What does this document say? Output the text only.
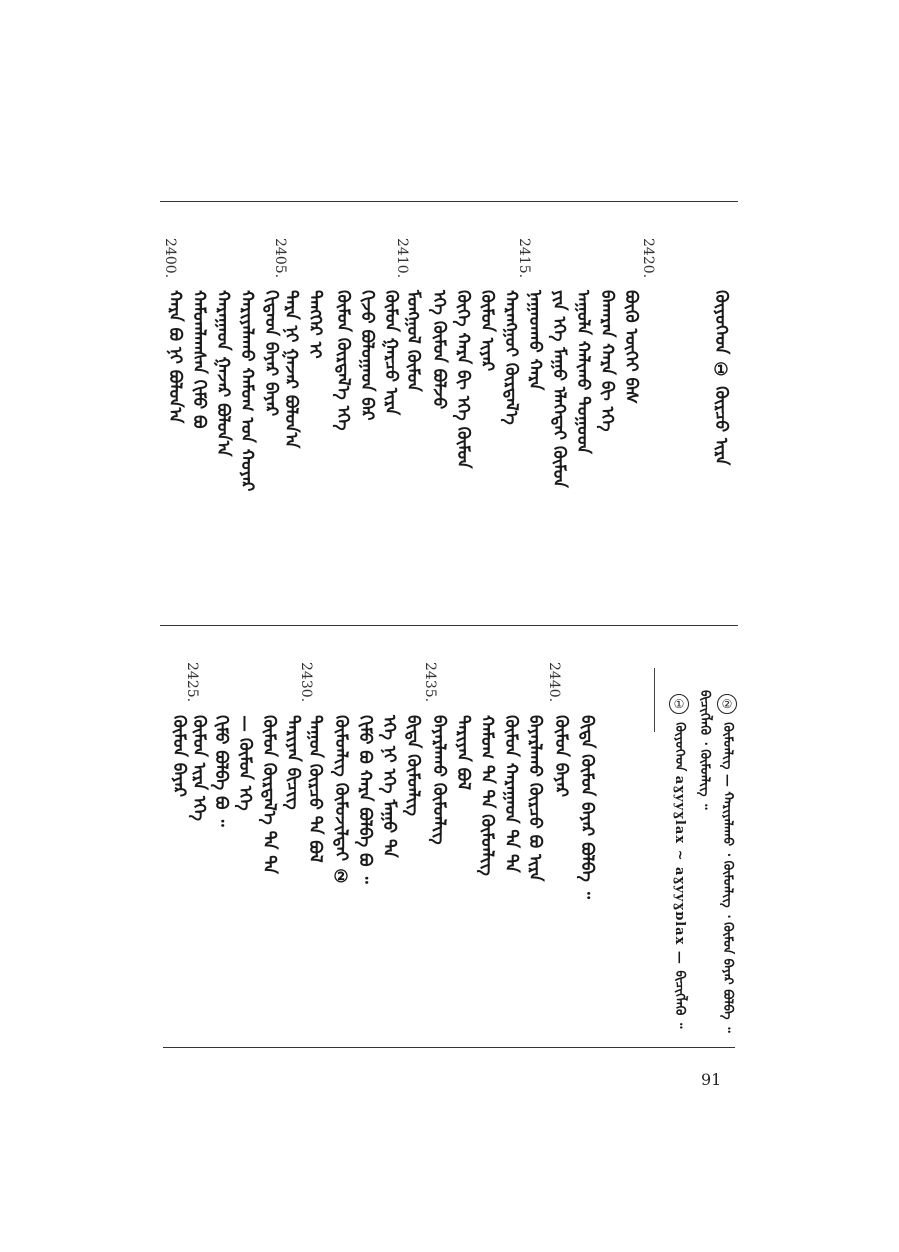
2400.	2405.	2410.	2415.	2420.
ᠬᠠᠷᠠ ᠪᠣ ᠨᠢ ᠪᠣᠯᠣᠨ᠎ᠠ ᠬᠠᠮᠤᠭᠯᠠᠭᠰᠠᠨ ᠬᠢᠮᠤ ᠪᠣ ᠬᠠᠷᠠᠭᠠᠳ ᠭᠠᠵᠠᠷ ᠪᠣᠯᠣᠨ᠎ᠠ ᠬᠠᠷᠢᠶᠠᠯᠠᠬᠤ ᠬᠠᠮᠤᠭ ᠤᠨ ᠬᠣᠶᠠᠷ ᠬᠢᠳᠠᠳ ᠪᠠᠶᠠᠷ ᠪᠠᠶᠠᠷ ᠲᠡᠷᠡ ᠨᠢ ᠭᠠᠵᠠᠷ ᠪᠣᠯᠣᠨ᠎ᠠ ᠲᠡᠩᠭᠡᠷ ᠢ ᠬᠦᠮᠦᠨ ᠬᠦᠷᠲᠡᠯ᠎ᠡ ᠡᠭᠡ ᠬᠢᠵᠦ ᠪᠣᠯᠤᠭᠠᠳ ᠪᠠᠷ ᠬᠦᠮᠦᠨ ᠭᠠᠷᠴᠤ ᠢᠷᠡ ᠮᠣᠩᠭᠣᠯ ᠬᠦᠮᠦᠨ ᠡᠭᠡ ᠬᠦᠮᠦᠨ ᠪᠣᠯᠵᠣ ᠬᠦᠬᠡ ᠬᠠᠷᠠ ᠪᠢ ᠡᠭᠡ ᠬᠦᠮᠦᠨ ᠬᠦᠮᠦᠨ ᠢᠶᠡᠷ ᠬᠠᠷᠠᠩᠭᠤᠢ ᠬᠦᠷᠲᠡᠯ᠎ᠡ ᠨᠠᠭᠠᠳᠬᠤ ᠬᠠᠷᠠ ᠶᠢᠨ ᠡᠭᠡ ᠮᠠᠭᠤ ᠡᠯᠡᠬᠡᠲᠡᠢ ᠬᠦᠮᠦᠨ ᠠᠭᠤᠯᠠ ᠬᠠᠯᠢᠬᠤ ᠳᠤᠭᠤᠳ ᠪᠠᠬᠠᠷᠠᠨ ᠬᠠᠷᠠ ᠪᠢ ᠡᠭᠡ ᠪᠦᠭᠦ ᠦᠭᠡᠢ ᠪᠠᠰ	ᠭᠦᠶᠦᠭᠡᠳ ① ᠬᠦᠷᠴᠦ ᠢᠷᠡ
2425.	2430.	2435.	2440.
ᠬᠦᠮᠦᠨ ᠪᠠᠶᠠᠷ ᠬᠦᠮᠦᠨ ᠢᠷᠡ ᠡᠭᠡ ᠬᠢᠮᠤ ᠪᠣᠯᠪᠠ ᠪᠣ ᠃ — ᠬᠦᠮᠦᠨ ᠡᠭᠡ ᠬᠦᠮᠦᠨ ᠬᠦᠷᠲᠡᠯ᠎ᠡ ᠲᠠ ᠲᠠ ᠲᠠᠷᠢᠶᠠᠨ ᠪᠢᠴᠢᠭ ᠳᠠᠭᠤᠨ ᠬᠦᠷᠴᠦ ᠲᠠ ᠪᠣᠯ ᠬᠦᠮᠦᠨᠯᠢᠭ ᠬᠦᠮᠦᠵᠢᠯᠲᠡᠢ ② ᠬᠢᠮᠤ ᠪᠣ ᠬᠠᠷᠠ ᠪᠣᠯᠪᠠ ᠪᠣ ᠃ ᠡᠭᠡ ᠨᠢ ᠡᠭᠡ ᠮᠠᠭᠤ ᠲᠠ ᠪᠢᠳᠡ ᠬᠦᠮᠦᠨᠯᠢᠭ ᠪᠠᠶᠠᠷᠯᠠᠬᠤ ᠬᠦᠮᠦᠨᠯᠢᠭ ᠲᠠᠷᠢᠶᠠᠨ ᠪᠣᠯ ᠬᠠᠮᠤᠭ ᠲᠠ ᠲᠠ ᠬᠦᠮᠦᠨᠯᠢᠭ ᠬᠦᠮᠦᠨ ᠬᠠᠷᠠᠭᠠᠳ ᠲᠠ ᠲᠠ ᠪᠠᠶᠠᠷᠯᠠᠬᠤ ᠬᠦᠷᠴᠦ ᠪᠣ ᠢᠷᠡ ᠬᠦᠮᠦᠨ ᠪᠠᠶᠠᠷ ᠪᠢᠳᠡ ᠬᠦᠮᠦᠨ ᠪᠠᠶᠠᠷ ᠪᠣᠯᠪᠠ ᠃
① ᠭᠦᠶᠦᠭᠡᠳ aɣyyɣlax ~ aɣyyɣɒlax — ᠪᠢᠴᠢᠭᠯᠡᠬᠦ ᠃ ᠪᠢᠴᠢᠭᠯᠡᠬᠦ ᠂ ᠬᠦᠮᠦᠨᠯᠢᠭ ᠃ ② ᠬᠦᠮᠦᠨᠯᠢᠭ — ᠬᠠᠷᠢᠶᠠᠯᠠᠬᠤ ᠂ ᠬᠦᠮᠦᠨᠯᠢᠭ ᠂ ᠬᠦᠮᠦᠨ ᠪᠠᠶᠠᠷ ᠪᠣᠯᠪᠠ ᠃
91
